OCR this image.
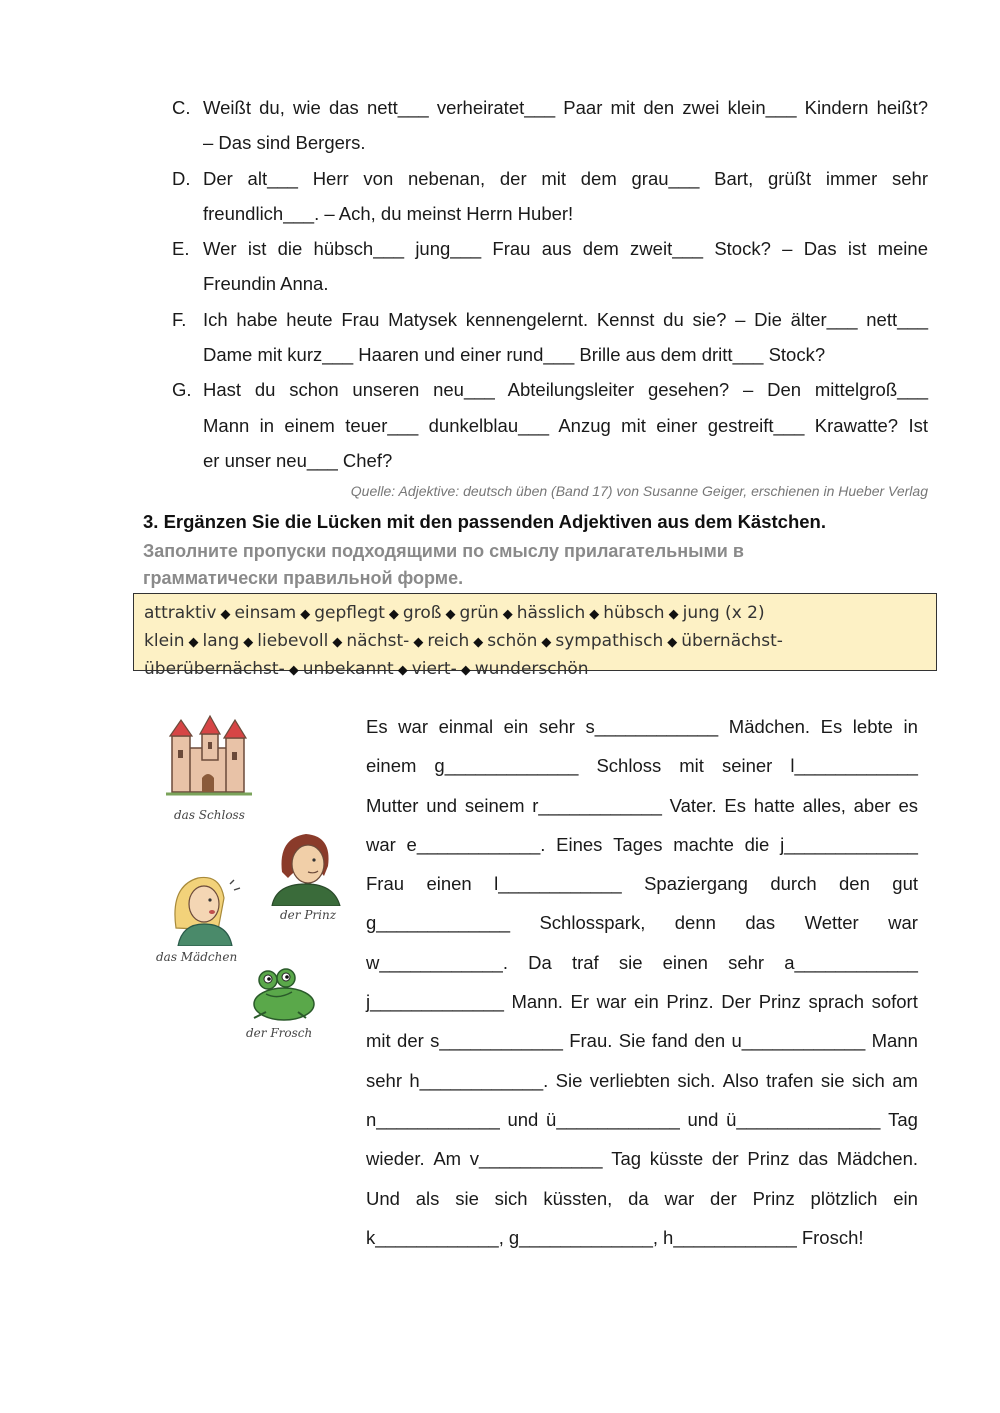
C. Weißt du, wie das nett___ verheiratet___ Paar mit den zwei klein___ Kindern heißt?
– Das sind Bergers.
D. Der alt___ Herr von nebenan, der mit dem grau___ Bart, grüßt immer sehr
freundlich___. – Ach, du meinst Herrn Huber!
E. Wer ist die hübsch___ jung___ Frau aus dem zweit___ Stock? – Das ist meine
Freundin Anna.
F. Ich habe heute Frau Matysek kennengelernt. Kennst du sie? – Die älter___ nett___
Dame mit kurz___ Haaren und einer rund___ Brille aus dem dritt___ Stock?
G. Hast du schon unseren neu___ Abteilungsleiter gesehen? – Den mittelgroß___
Mann in einem teuer___ dunkelblau___ Anzug mit einer gestreift___ Krawatte? Ist
er unser neu___ Chef?
Quelle: Adjektive: deutsch üben (Band 17) von Susanne Geiger, erschienen in Hueber Verlag
3. Ergänzen Sie die Lücken mit den passenden Adjektiven aus dem Kästchen.
Заполните пропуски подходящими по смыслу прилагательными в грамматически правильной форме.
attraktiv ◆ einsam ◆ gepflegt ◆ groß ◆ grün ◆ hässlich ◆ hübsch ◆ jung (x 2)
klein ◆ lang ◆ liebevoll ◆ nächst- ◆ reich ◆ schön ◆ sympathisch ◆ übernächst-
überübernächst- ◆ unbekannt ◆ viert- ◆ wunderschön
das Schloss
der Prinz
das Mädchen
der Frosch
Es war einmal ein sehr s____________ Mädchen. Es lebte in
einem g_____________ Schloss mit seiner l____________
Mutter und seinem r____________ Vater. Es hatte alles, aber es
war e____________. Eines Tages machte die j_____________
Frau einen l____________ Spaziergang durch den gut
g_____________ Schlosspark, denn das Wetter war
w____________. Da traf sie einen sehr a____________
j_____________ Mann. Er war ein Prinz. Der Prinz sprach sofort
mit der s____________ Frau. Sie fand den u____________ Mann
sehr h____________. Sie verliebten sich. Also trafen sie sich am
n____________ und ü____________ und ü______________ Tag
wieder. Am v____________ Tag küsste der Prinz das Mädchen.
Und als sie sich küssten, da war der Prinz plötzlich ein
k____________, g_____________, h____________ Frosch!
